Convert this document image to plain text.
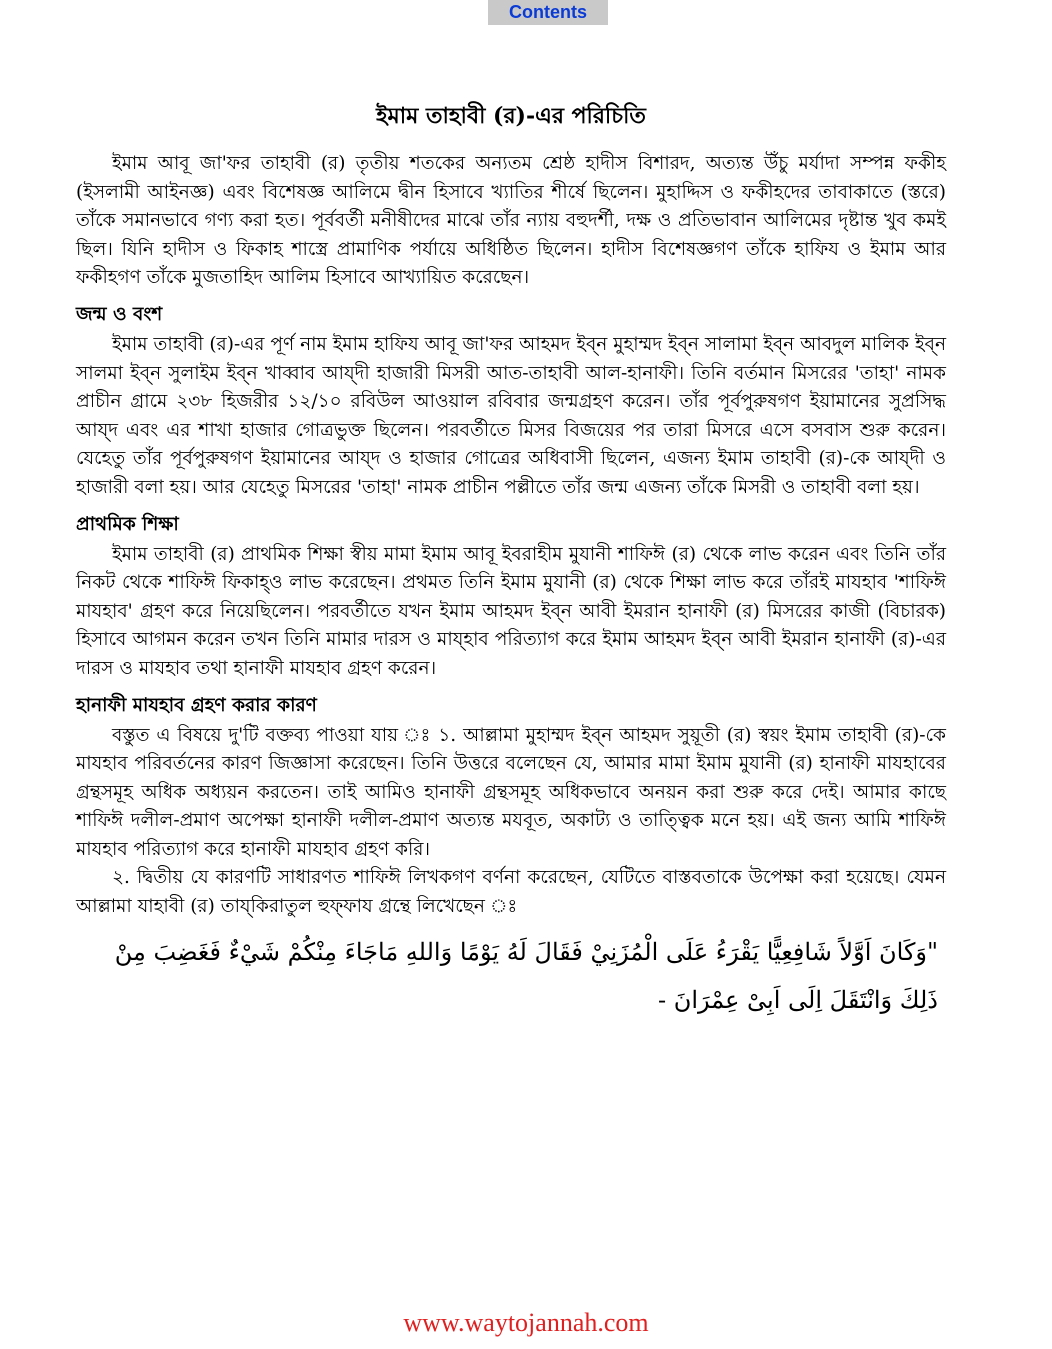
Contents
ইমাম তাহাবী (র)-এর পরিচিতি

ইমাম আবূ জা'ফর তাহাবী (র) তৃতীয় শতকের অন্যতম শ্রেষ্ঠ হাদীস বিশারদ, অত্যন্ত উঁচু মর্যাদা সম্পন্ন ফকীহ (ইসলামী আইনজ্ঞ) এবং বিশেষজ্ঞ আলিমে দ্বীন হিসাবে খ্যাতির শীর্ষে ছিলেন। মুহাদ্দিস ও ফকীহদের তাবাকাতে (স্তরে) তাঁকে সমানভাবে গণ্য করা হত। পূর্ববর্তী মনীষীদের মাঝে তাঁর ন্যায় বহুদর্শী, দক্ষ ও প্রতিভাবান আলিমের দৃষ্টান্ত খুব কমই ছিল। যিনি হাদীস ও ফিকাহ শাস্ত্রে প্রামাণিক পর্যায়ে অধিষ্ঠিত ছিলেন। হাদীস বিশেষজ্ঞগণ তাঁকে হাফিয ও ইমাম আর ফকীহগণ তাঁকে মুজতাহিদ আলিম হিসাবে আখ্যায়িত করেছেন।

জন্ম ও বংশ

ইমাম তাহাবী (র)-এর পূর্ণ নাম ইমাম হাফিয আবূ জা'ফর আহমদ ইব্ন মুহাম্মদ ইব্ন সালামা ইব্ন আবদুল মালিক ইব্ন সালমা ইব্ন সুলাইম ইব্ন খাব্বাব আয্দী হাজারী মিসরী আত-তাহাবী আল-হানাফী। তিনি বর্তমান মিসরের 'তাহা' নামক প্রাচীন গ্রামে ২৩৮ হিজরীর ১২/১০ রবিউল আওয়াল রবিবার জন্মগ্রহণ করেন। তাঁর পূর্বপুরুষগণ ইয়ামানের সুপ্রসিদ্ধ আয্দ এবং এর শাখা হাজার গোত্রভুক্ত ছিলেন। পরবর্তীতে মিসর বিজয়ের পর তারা মিসরে এসে বসবাস শুরু করেন। যেহেতু তাঁর পূর্বপুরুষগণ ইয়ামানের আয্দ ও হাজার গোত্রের অধিবাসী ছিলেন, এজন্য ইমাম তাহাবী (র)-কে আয্দী ও হাজারী বলা হয়। আর যেহেতু মিসরের 'তাহা' নামক প্রাচীন পল্লীতে তাঁর জন্ম এজন্য তাঁকে মিসরী ও তাহাবী বলা হয়।

প্রাথমিক শিক্ষা

ইমাম তাহাবী (র) প্রাথমিক শিক্ষা স্বীয় মামা ইমাম আবূ ইবরাহীম মুযানী শাফিঈ (র) থেকে লাভ করেন এবং তিনি তাঁর নিকট থেকে শাফিঈ ফিকাহ্ও লাভ করেছেন। প্রথমত তিনি ইমাম মুযানী (র) থেকে শিক্ষা লাভ করে তাঁরই মাযহাব 'শাফিঈ মাযহাব' গ্রহণ করে নিয়েছিলেন। পরবর্তীতে যখন ইমাম আহমদ ইব্ন আবী ইমরান হানাফী (র) মিসরের কাজী (বিচারক) হিসাবে আগমন করেন তখন তিনি মামার দারস ও মায্হাব পরিত্যাগ করে ইমাম আহমদ ইব্ন আবী ইমরান হানাফী (র)-এর দারস ও মাযহাব তথা হানাফী মাযহাব গ্রহণ করেন।

হানাফী মাযহাব গ্রহণ করার কারণ

বস্তুত এ বিষয়ে দু'টি বক্তব্য পাওয়া যায় ঃ ১. আল্লামা মুহাম্মদ ইব্ন আহমদ সুয়ূতী (র) স্বয়ং ইমাম তাহাবী (র)-কে মাযহাব পরিবর্তনের কারণ জিজ্ঞাসা করেছেন। তিনি উত্তরে বলেছেন যে, আমার মামা ইমাম মুযানী (র) হানাফী মাযহাবের গ্রন্থসমূহ অধিক অধ্যয়ন করতেন। তাই আমিও হানাফী গ্রন্থসমূহ অধিকভাবে অনয়ন করা শুরু করে দেই। আমার কাছে শাফিঈ দলীল-প্রমাণ অপেক্ষা হানাফী দলীল-প্রমাণ অত্যন্ত মযবূত, অকাট্য ও তাত্ত্বিক মনে হয়। এই জন্য আমি শাফিঈ মাযহাব পরিত্যাগ করে হানাফী মাযহাব গ্রহণ করি।

২. দ্বিতীয় যে কারণটি সাধারণত শাফিঈ লিখকগণ বর্ণনা করেছেন, যেটিতে বাস্তবতাকে উপেক্ষা করা হয়েছে। যেমন আল্লামা যাহাবী (র) তায্‌কিরাতুল হুফ্‌ফায গ্রন্থে লিখেছেন ঃ

"وَكَانَ اَوَّلاً شَافِعِيًّا يَقْرَءُ عَلَى الْمُزَنِيْ فَقَالَ لَهُ يَوْمًا وَاللهِ مَاجَاءَ مِنْكُمْ شَيْءٌ فَغَضِبَ مِنْ ذَلِكَ وَانْتَقَلَ اِلَى اَبِىْ عِمْرَانَ -
www.waytojannah.com
